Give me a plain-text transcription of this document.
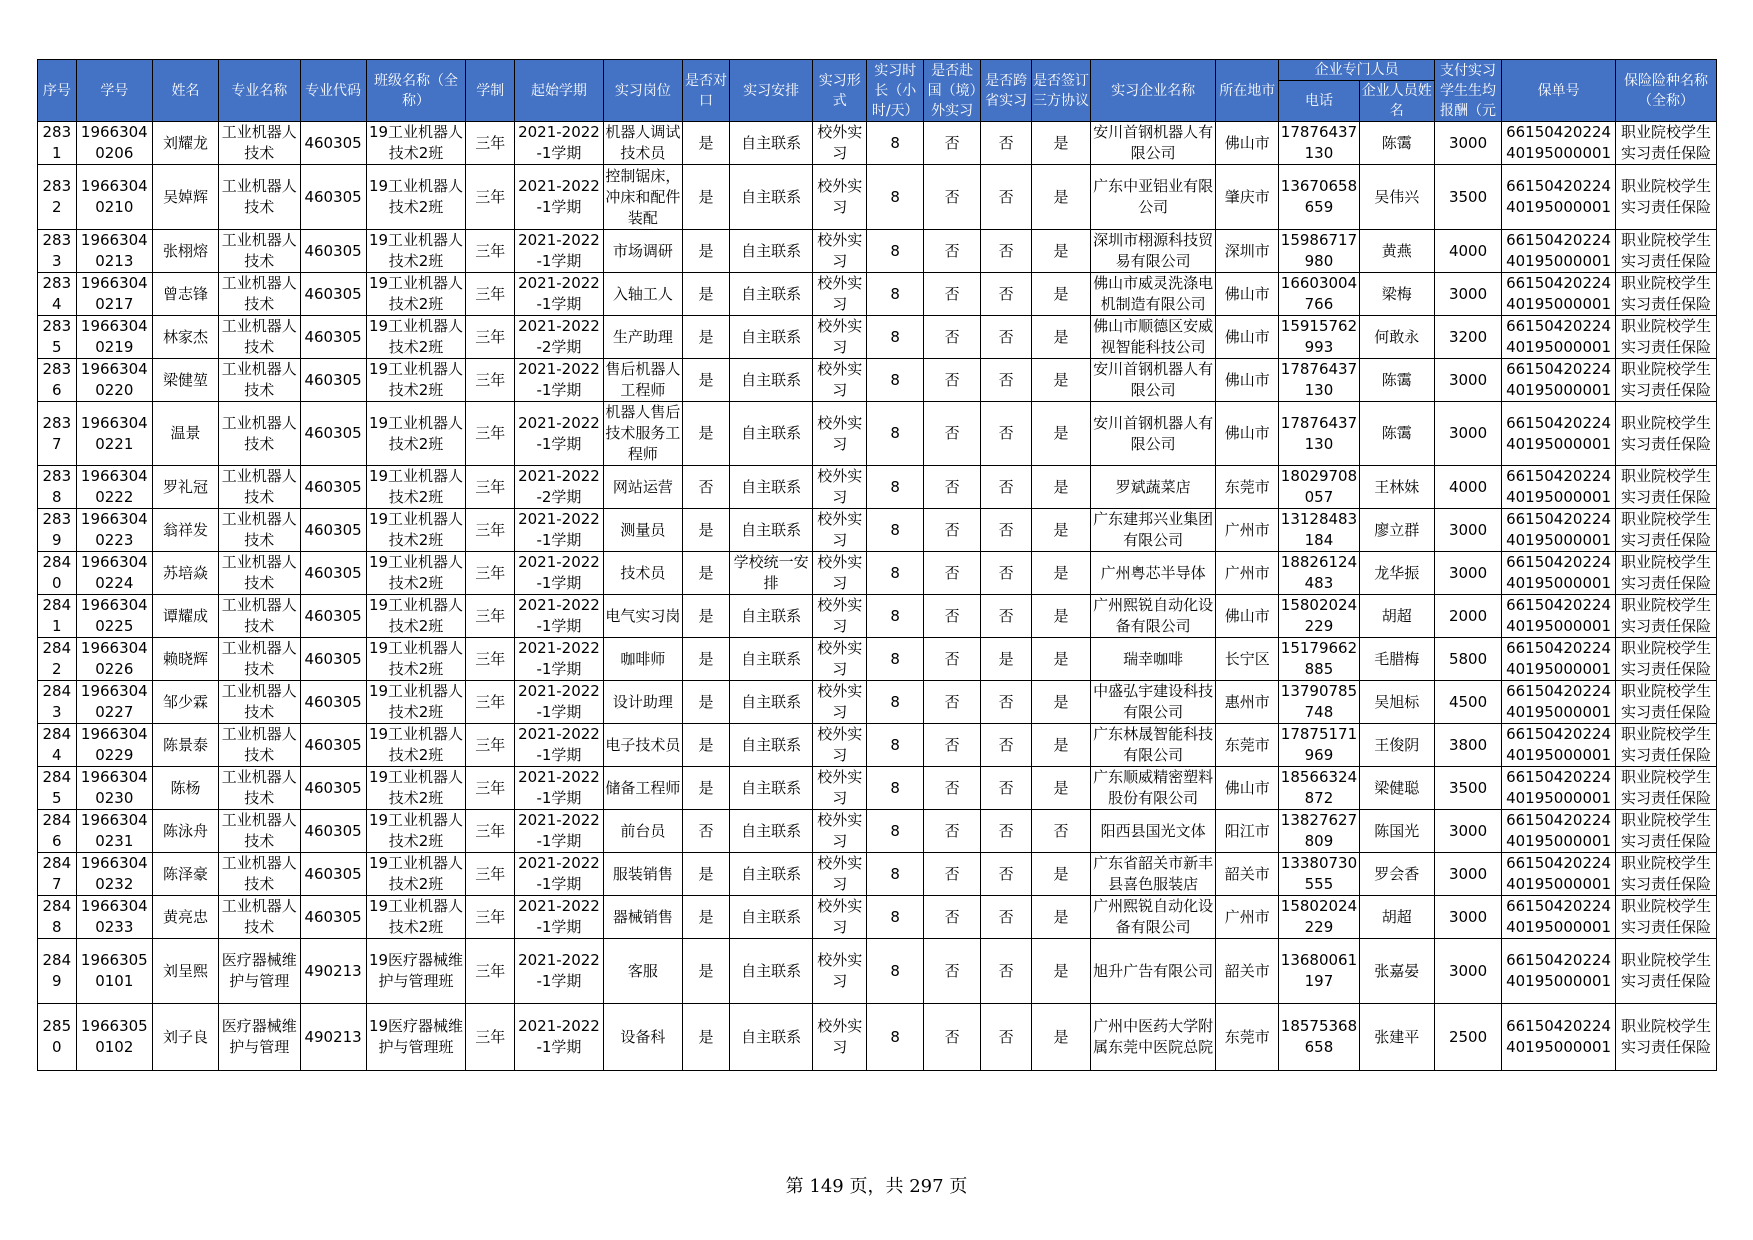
序号	学号	姓名	专业名称	专业代码	班级名称（全称）	学制	起始学期	实习岗位	是否对口	实习安排	实习形式	实习时长（小时/天）	是否赴国（境）外实习	是否跨省实习	是否签订三方协议	实习企业名称	所在地市	企业专门人员		支付实习学生生均报酬（元	保单号	保险险种名称（全称）
																		电话	企业人员姓名			
2831	19663040206	刘耀龙	工业机器人技术	460305	19工业机器人技术2班	三年	2021-2022-1学期	机器人调试技术员	是	自主联系	校外实习	8	否	否	是	安川首钢机器人有限公司	佛山市	17876437130	陈霭	3000	6615042022440195000001	职业院校学生实习责任保险
2832	19663040210	吴婥辉	工业机器人技术	460305	19工业机器人技术2班	三年	2021-2022-1学期	控制锯床，冲床和配件装配	是	自主联系	校外实习	8	否	否	是	广东中亚铝业有限公司	肇庆市	13670658659	吴伟兴	3500	6615042022440195000001	职业院校学生实习责任保险
2833	19663040213	张栩熔	工业机器人技术	460305	19工业机器人技术2班	三年	2021-2022-1学期	市场调研	是	自主联系	校外实习	8	否	否	是	深圳市栩源科技贸易有限公司	深圳市	15986717980	黄燕	4000	6615042022440195000001	职业院校学生实习责任保险
2834	19663040217	曾志锋	工业机器人技术	460305	19工业机器人技术2班	三年	2021-2022-1学期	入轴工人	是	自主联系	校外实习	8	否	否	是	佛山市威灵洗涤电机制造有限公司	佛山市	16603004766	梁梅	3000	6615042022440195000001	职业院校学生实习责任保险
2835	19663040219	林家杰	工业机器人技术	460305	19工业机器人技术2班	三年	2021-2022-2学期	生产助理	是	自主联系	校外实习	8	否	否	是	佛山市顺德区安威视智能科技公司	佛山市	15915762993	何敢永	3200	6615042022440195000001	职业院校学生实习责任保险
2836	19663040220	梁健堃	工业机器人技术	460305	19工业机器人技术2班	三年	2021-2022-1学期	售后机器人工程师	是	自主联系	校外实习	8	否	否	是	安川首钢机器人有限公司	佛山市	17876437130	陈霭	3000	6615042022440195000001	职业院校学生实习责任保险
2837	19663040221	温景	工业机器人技术	460305	19工业机器人技术2班	三年	2021-2022-1学期	机器人售后技术服务工程师	是	自主联系	校外实习	8	否	否	是	安川首钢机器人有限公司	佛山市	17876437130	陈霭	3000	6615042022440195000001	职业院校学生实习责任保险
2838	19663040222	罗礼冠	工业机器人技术	460305	19工业机器人技术2班	三年	2021-2022-2学期	网站运营	否	自主联系	校外实习	8	否	否	是	罗斌蔬菜店	东莞市	18029708057	王林妹	4000	6615042022440195000001	职业院校学生实习责任保险
2839	19663040223	翁祥发	工业机器人技术	460305	19工业机器人技术2班	三年	2021-2022-1学期	测量员	是	自主联系	校外实习	8	否	否	是	广东建邦兴业集团有限公司	广州市	13128483184	廖立群	3000	6615042022440195000001	职业院校学生实习责任保险
2840	19663040224	苏培焱	工业机器人技术	460305	19工业机器人技术2班	三年	2021-2022-1学期	技术员	是	学校统一安排	校外实习	8	否	否	是	广州粤芯半导体	广州市	18826124483	龙华振	3000	6615042022440195000001	职业院校学生实习责任保险
2841	19663040225	谭耀成	工业机器人技术	460305	19工业机器人技术2班	三年	2021-2022-1学期	电气实习岗	是	自主联系	校外实习	8	否	否	是	广州熙锐自动化设备有限公司	佛山市	15802024229	胡超	2000	6615042022440195000001	职业院校学生实习责任保险
2842	19663040226	赖晓辉	工业机器人技术	460305	19工业机器人技术2班	三年	2021-2022-1学期	咖啡师	是	自主联系	校外实习	8	否	是	是	瑞幸咖啡	长宁区	15179662885	毛腊梅	5800	6615042022440195000001	职业院校学生实习责任保险
2843	19663040227	邹少霖	工业机器人技术	460305	19工业机器人技术2班	三年	2021-2022-1学期	设计助理	是	自主联系	校外实习	8	否	否	是	中盛弘宇建设科技有限公司	惠州市	13790785748	吴旭标	4500	6615042022440195000001	职业院校学生实习责任保险
2844	19663040229	陈景泰	工业机器人技术	460305	19工业机器人技术2班	三年	2021-2022-1学期	电子技术员	是	自主联系	校外实习	8	否	否	是	广东林晟智能科技有限公司	东莞市	17875171969	王俊阴	3800	6615042022440195000001	职业院校学生实习责任保险
2845	19663040230	陈杨	工业机器人技术	460305	19工业机器人技术2班	三年	2021-2022-1学期	储备工程师	是	自主联系	校外实习	8	否	否	是	广东顺威精密塑料股份有限公司	佛山市	18566324872	梁健聪	3500	6615042022440195000001	职业院校学生实习责任保险
2846	19663040231	陈泳舟	工业机器人技术	460305	19工业机器人技术2班	三年	2021-2022-1学期	前台员	否	自主联系	校外实习	8	否	否	否	阳西县国光文体	阳江市	13827627809	陈国光	3000	6615042022440195000001	职业院校学生实习责任保险
2847	19663040232	陈泽豪	工业机器人技术	460305	19工业机器人技术2班	三年	2021-2022-1学期	服装销售	是	自主联系	校外实习	8	否	否	是	广东省韶关市新丰县喜色服装店	韶关市	13380730555	罗会香	3000	6615042022440195000001	职业院校学生实习责任保险
2848	19663040233	黄亮忠	工业机器人技术	460305	19工业机器人技术2班	三年	2021-2022-1学期	器械销售	是	自主联系	校外实习	8	否	否	是	广州熙锐自动化设备有限公司	广州市	15802024229	胡超	3000	6615042022440195000001	职业院校学生实习责任保险
2849	19663050101	刘呈熙	医疗器械维护与管理	490213	19医疗器械维护与管理班	三年	2021-2022-1学期	客服	是	自主联系	校外实习	8	否	否	是	旭升广告有限公司	韶关市	13680061197	张嘉晏	3000	6615042022440195000001	职业院校学生实习责任保险
2850	19663050102	刘子良	医疗器械维护与管理	490213	19医疗器械维护与管理班	三年	2021-2022-1学期	设备科	是	自主联系	校外实习	8	否	否	是	广州中医药大学附属东莞中医院总院	东莞市	18575368658	张建平	2500	6615042022440195000001	职业院校学生实习责任保险
第 149 页，共 297 页
